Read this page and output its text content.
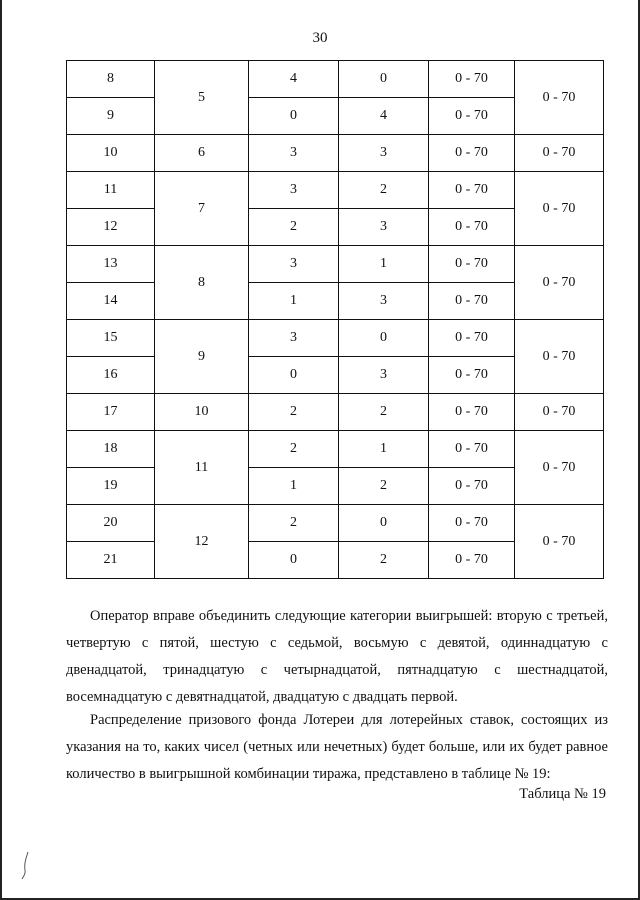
30
8	5	4	0	0 - 70	0 - 70
9		0	4	0 - 70	
10	6	3	3	0 - 70	0 - 70
11	7	3	2	0 - 70	0 - 70
12		2	3	0 - 70	
13	8	3	1	0 - 70	0 - 70
14		1	3	0 - 70	
15	9	3	0	0 - 70	0 - 70
16		0	3	0 - 70	
17	10	2	2	0 - 70	0 - 70
18	11	2	1	0 - 70	0 - 70
19		1	2	0 - 70	
20	12	2	0	0 - 70	0 - 70
21		0	2	0 - 70	

Оператор вправе объединить следующие категории выигрышей: вторую с третьей, четвертую с пятой, шестую с седьмой, восьмую с девятой, одиннадцатую с двенадцатой, тринадцатую с четырнадцатой, пятнадцатую с шестнадцатой, восемнадцатую с девятнадцатой, двадцатую с двадцать первой.

Распределение призового фонда Лотереи для лотерейных ставок, состоящих из указания на то, каких чисел (четных или нечетных) будет больше, или их будет равное количество в выигрышной комбинации тиража, представлено в таблице № 19:

Таблица № 19
